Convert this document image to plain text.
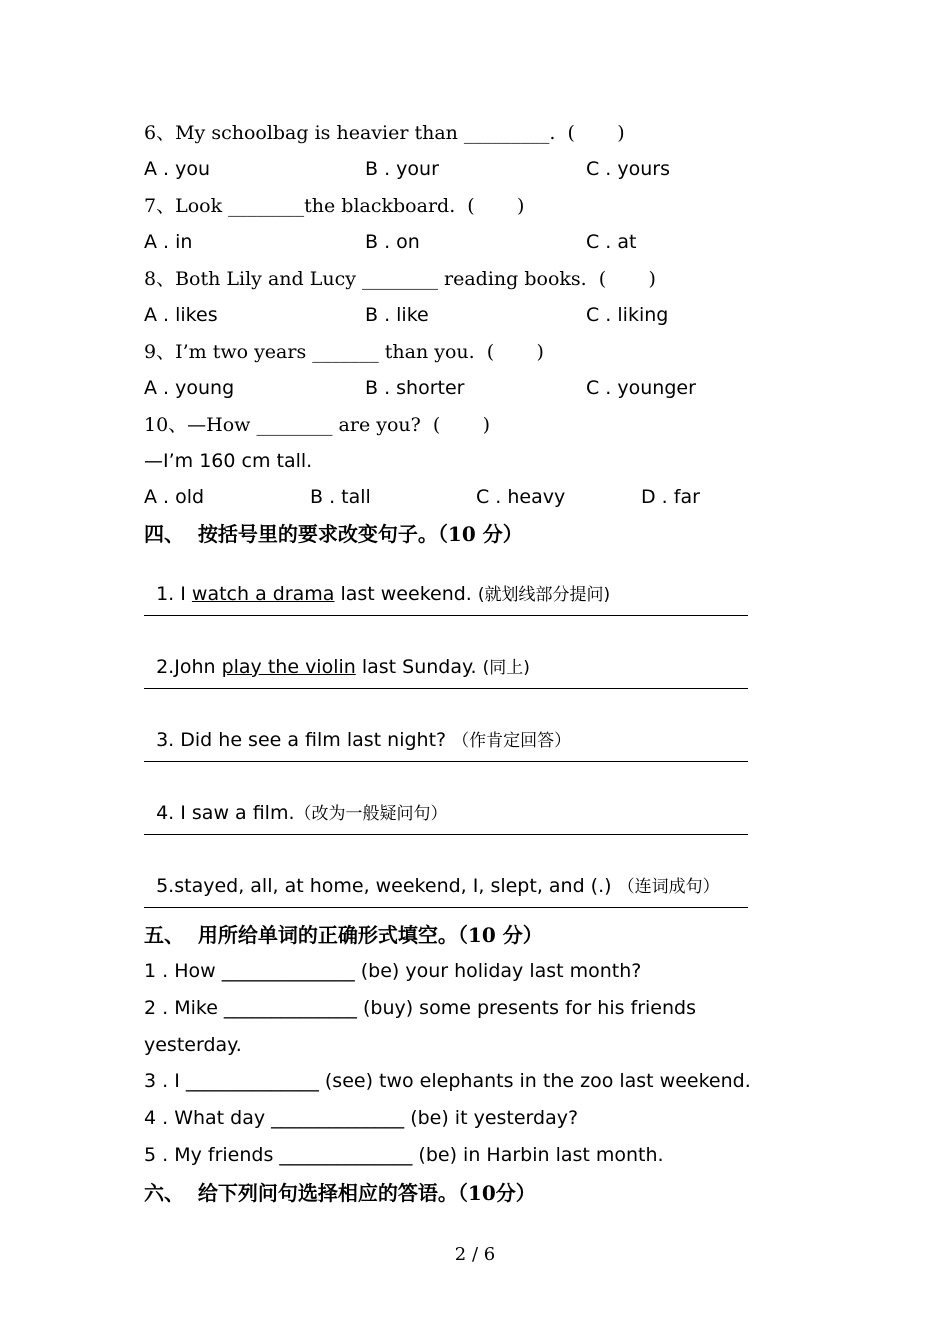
6、My schoolbag is heavier than _________.  (       )
A . you	B . your	C . yours
7、Look ________the blackboard.  (       )
A . in	B . on	C . at
8、Both Lily and Lucy ________ reading books.  (       )
A . likes	B . like	C . liking
9、I’m two years _______ than you.  (       )
A . young	B . shorter	C . younger
10、—How ________ are you?  (       )
—I’m 160 cm tall.
A . old	B . tall	C . heavy	D . far
四、  按括号里的要求改变句子。（10 分）

1. I watch a drama last weekend. (就划线部分提问)

2.John play the violin last Sunday. (同上)

3. Did he see a film last night? （作肯定回答）

4. I saw a film.（改为一般疑问句）

5.stayed, all, at home, weekend, I, slept, and (.) （连词成句）

五、  用所给单词的正确形式填空。（10 分）
1 . How ______________ (be) your holiday last month?
2 . Mike ______________ (buy) some presents for his friends
yesterday.
3 . I ______________ (see) two elephants in the zoo last weekend.
4 . What day ______________ (be) it yesterday?
5 . My friends ______________ (be) in Harbin last month.
六、  给下列问句选择相应的答语。（10分）
2 / 6
